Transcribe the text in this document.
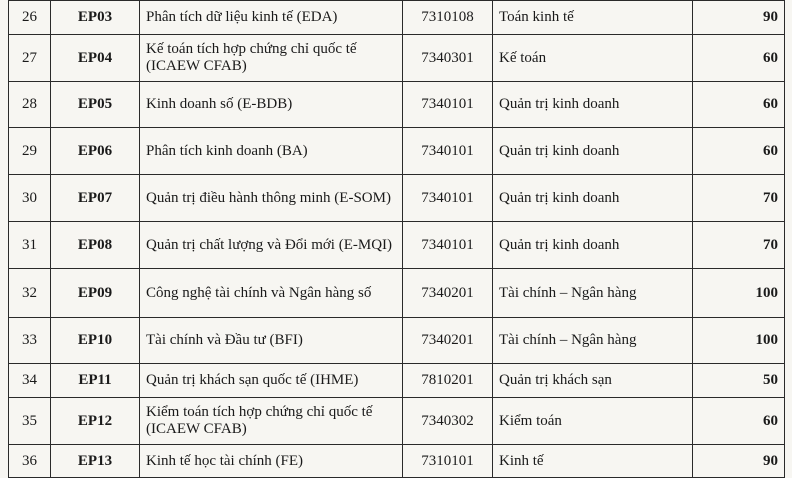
26	EP03	Phân tích dữ liệu kinh tế (EDA)	7310108	Toán kinh tế	90
27	EP04	Kế toán tích hợp chứng chỉ quốc tế (ICAEW CFAB)	7340301	Kế toán	60
28	EP05	Kinh doanh số (E-BDB)	7340101	Quản trị kinh doanh	60
29	EP06	Phân tích kinh doanh (BA)	7340101	Quản trị kinh doanh	60
30	EP07	Quản trị điều hành thông minh (E-SOM)	7340101	Quản trị kinh doanh	70
31	EP08	Quản trị chất lượng và Đổi mới (E-MQI)	7340101	Quản trị kinh doanh	70
32	EP09	Công nghệ tài chính và Ngân hàng số	7340201	Tài chính – Ngân hàng	100
33	EP10	Tài chính và Đầu tư (BFI)	7340201	Tài chính – Ngân hàng	100
34	EP11	Quản trị khách sạn quốc tế (IHME)	7810201	Quản trị khách sạn	50
35	EP12	Kiểm toán tích hợp chứng chỉ quốc tế (ICAEW CFAB)	7340302	Kiểm toán	60
36	EP13	Kinh tế học tài chính (FE)	7310101	Kinh tế	90
